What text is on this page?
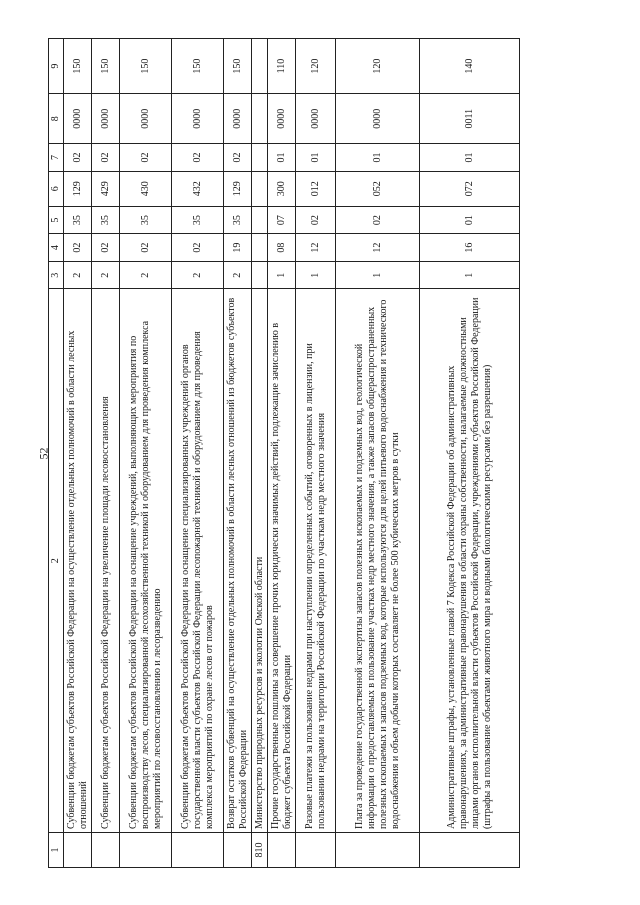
52
1	2	3	4	5	6	7	8	9
	Субвенции бюджетам субъектов Российской Федерации на осуществление отдельных полномочий в области лесных отношений	2	02	35	129	02	0000	150
	Субвенции бюджетам субъектов Российской Федерации на увеличение площади лесовосстановления	2	02	35	429	02	0000	150
	Субвенции бюджетам субъектов Российской Федерации на оснащение учреждений, выполняющих мероприятия по воспроизводству лесов, специализированной лесохозяйственной техникой и оборудованием для проведения комплекса мероприятий по лесовосстановлению и лесоразведению	2	02	35	430	02	0000	150
	Субвенции бюджетам субъектов Российской Федерации на оснащение специализированных учреждений органов государственной власти субъектов Российской Федерации лесопожарной техникой и оборудованием для проведения комплекса мероприятий по охране лесов от пожаров	2	02	35	432	02	0000	150
	Возврат остатков субвенций на осуществление отдельных полномочий в области лесных отношений из бюджетов субъектов Российской Федерации	2	19	35	129	02	0000	150
810	Министерство природных ресурсов и экологии Омской области							
	Прочие государственные пошлины за совершение прочих юридически значимых действий, подлежащие зачислению в бюджет субъекта Российской Федерации	1	08	07	300	01	0000	110
	Разовые платежи за пользование недрами при наступлении определенных событий, оговоренных в лицензии, при пользовании недрами на территории Российской Федерации по участкам недр местного значения	1	12	02	012	01	0000	120
	Плата за проведение государственной экспертизы запасов полезных ископаемых и подземных вод, геологической информации о предоставляемых в пользование участках недр местного значения, а также запасов общераспространенных полезных ископаемых и запасов подземных вод, которые используются для целей питьевого водоснабжения и технического водоснабжения и объем добычи которых составляет не более 500 кубических метров в сутки	1	12	02	052	01	0000	120
	Административные штрафы, установленные главой 7 Кодекса Российской Федерации об административных правонарушениях, за административные правонарушения в области охраны собственности, налагаемые должностными лицами органов исполнительной власти субъектов Российской Федерации, учреждениями субъектов Российской Федерации (штрафы за пользование объектами животного мира и водными биологическими ресурсами без разрешения)	1	16	01	072	01	0011	140
